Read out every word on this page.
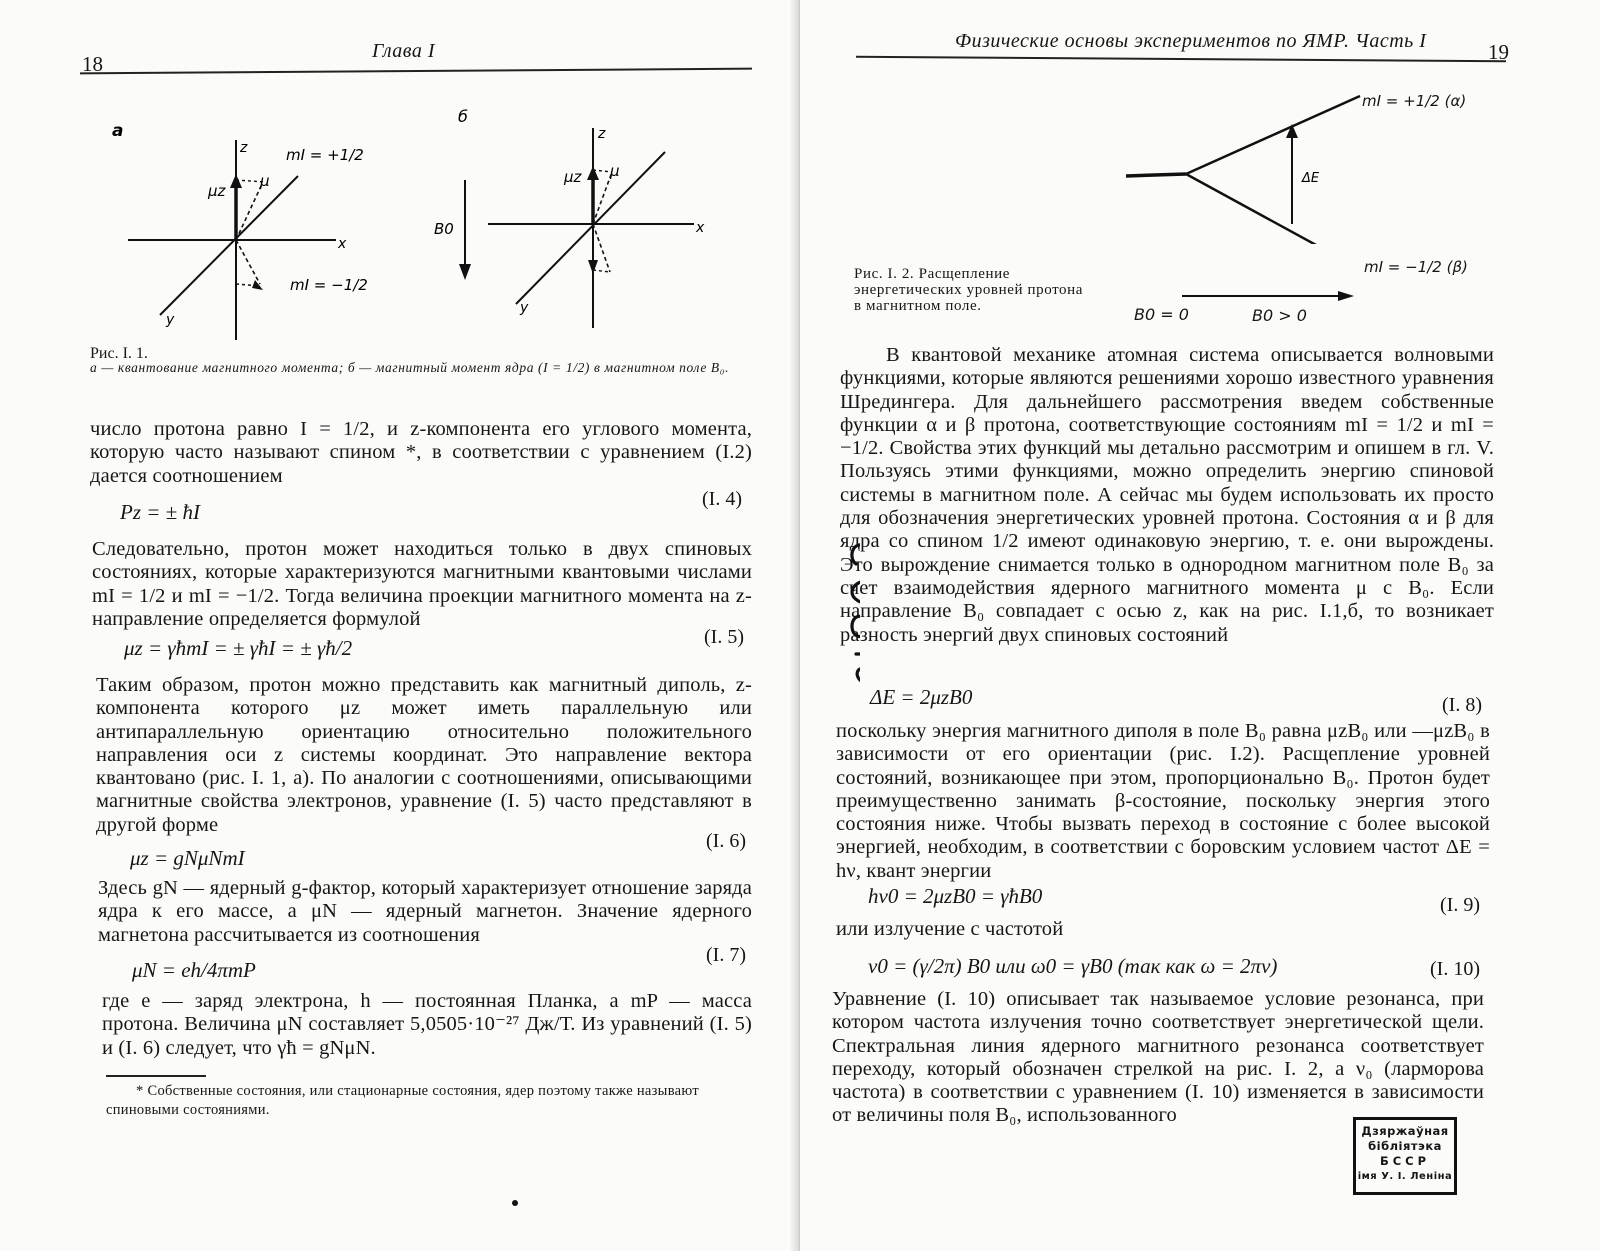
18
Глава I
а
z
x
y
μz
μ
mI = +1/2
mI = −1/2
б
B0
z
x
y
μz μ
Рис. I. 1.
а — квантование магнитного момента; б — магнитный момент ядра (I = 1/2) в магнитном поле B₀.

число протона равно I = 1/2, и z-компонента его углового момента, которую часто называют спином *, в соответствии с уравнением (I.2) дается соотношением

Pz = ± ħI
(I. 4)

Следовательно, протон может находиться только в двух спиновых состояниях, которые характеризуются магнитными квантовыми числами mI = 1/2 и mI = −1/2. Тогда величина проекции магнитного момента на z-направление определяется формулой

μz = γħmI = ± γħI = ± γħ/2	(I. 5)

Таким образом, протон можно представить как магнитный диполь, z-компонента которого μz может иметь параллельную или антипараллельную ориентацию относительно положительного направления оси z системы координат. Это направление вектора квантовано (рис. I. 1, а). По аналогии с соотношениями, описывающими магнитные свойства электронов, уравнение (I. 5) часто представляют в другой форме

μz = gNμNmI
(I. 6)

Здесь gN — ядерный g-фактор, который характеризует отношение заряда ядра к его массе, а μN — ядерный магнетон. Значение ядерного магнетона рассчитывается из соотношения

μN = eh/4πmP
(I. 7)

где e — заряд электрона, h — постоянная Планка, а mP — масса протона. Величина μN составляет 5,0505·10⁻²⁷ Дж/Т. Из уравнений (I. 5) и (I. 6) следует, что γħ = gNμN.

* Собственные состояния, или стационарные состояния, ядер поэтому также называют спиновыми состояниями.
Физические основы экспериментов по ЯМР. Часть I	19
ΔE
mI = +1/2 (α)
mI = −1/2 (β)
B0 = 0	B0 > 0
Рис. I. 2. Расщепление энергетических уровней протона в магнитном поле.

В квантовой механике атомная система описывается волновыми функциями, которые являются решениями хорошо известного уравнения Шредингера. Для дальнейшего рассмотрения введем собственные функции α и β протона, соответствующие состояниям mI = 1/2 и mI = −1/2. Свойства этих функций мы детально рассмотрим и опишем в гл. V. Пользуясь этими функциями, можно определить энергию спиновой системы в магнитном поле. А сейчас мы будем использовать их просто для обозначения энергетических уровней протона. Состояния α и β для ядра со спином 1/2 имеют одинаковую энергию, т. е. они вырождены. Это вырождение снимается только в однородном магнитном поле B₀ за счет взаимодействия ядерного магнитного момента μ с B₀. Если направление B₀ совпадает с осью z, как на рис. I.1,б, то возникает разность энергий двух спиновых состояний

ΔE = 2μzB0	(I. 8)

поскольку энергия магнитного диполя в поле B₀ равна μzB₀ или —μzB₀ в зависимости от его ориентации (рис. I.2). Расщепление уровней состояний, возникающее при этом, пропорционально B₀. Протон будет преимущественно занимать β-состояние, поскольку энергия этого состояния ниже. Чтобы вызвать переход в состояние с более высокой энергией, необходим, в соответствии с боровским условием частот ΔE = hν, квант энергии

hν0 = 2μzB0 = γħB0	(I. 9)

или излучение с частотой

ν0 = (γ/2π) B0 или ω0 = γB0 (так как ω = 2πν)	(I. 10)

Уравнение (I. 10) описывает так называемое условие резонанса, при котором частота излучения точно соответствует энергетической щели. Спектральная линия ядерного магнитного резонанса соответствует переходу, который обозначен стрелкой на рис. I. 2, а ν₀ (ларморова частота) в соответствии с уравнением (I. 10) изменяется в зависимости от величины поля B₀, использованного

Дзяржаўная
бібліятэка
БССР
імя У. І. Леніна
